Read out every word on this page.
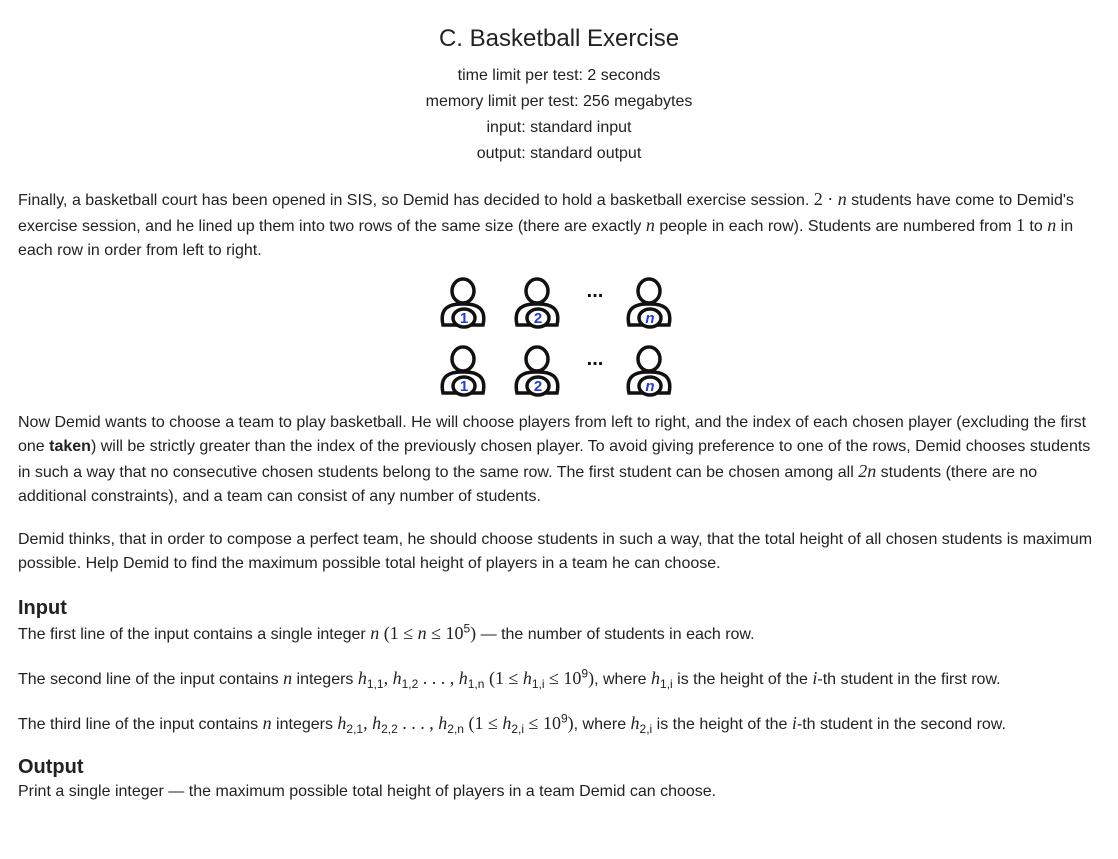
C. Basketball Exercise
time limit per test: 2 seconds
memory limit per test: 256 megabytes
input: standard input
output: standard output

Finally, a basketball court has been opened in SIS, so Demid has decided to hold a basketball exercise session. 2 · n students have come to Demid's exercise session, and he lined up them into two rows of the same size (there are exactly n people in each row). Students are numbered from 1 to n in each row in order from left to right.

1	2
...
n
1	2
...
n

Now Demid wants to choose a team to play basketball. He will choose players from left to right, and the index of each chosen player (excluding the first one taken) will be strictly greater than the index of the previously chosen player. To avoid giving preference to one of the rows, Demid chooses students in such a way that no consecutive chosen students belong to the same row. The first student can be chosen among all 2n students (there are no additional constraints), and a team can consist of any number of students.

Demid thinks, that in order to compose a perfect team, he should choose students in such a way, that the total height of all chosen students is maximum possible. Help Demid to find the maximum possible total height of players in a team he can choose.

Input

The first line of the input contains a single integer n $(1 \le n \le 10^5)$ — the number of students in each row.

The second line of the input contains n integers $h_{1,1}$, $h_{1,2}$ . . . , $h_{1,n}$ $(1 \le h_{1,i} \le 10^9)$, where $h_{1,i}$ is the height of the i-th student in the first row.

The third line of the input contains n integers $h_{2,1}$, $h_{2,2}$ . . . , $h_{2,n}$ $(1 \le h_{2,i} \le 10^9)$, where $h_{2,i}$ is the height of the i-th student in the second row.

Output

Print a single integer — the maximum possible total height of players in a team Demid can choose.
